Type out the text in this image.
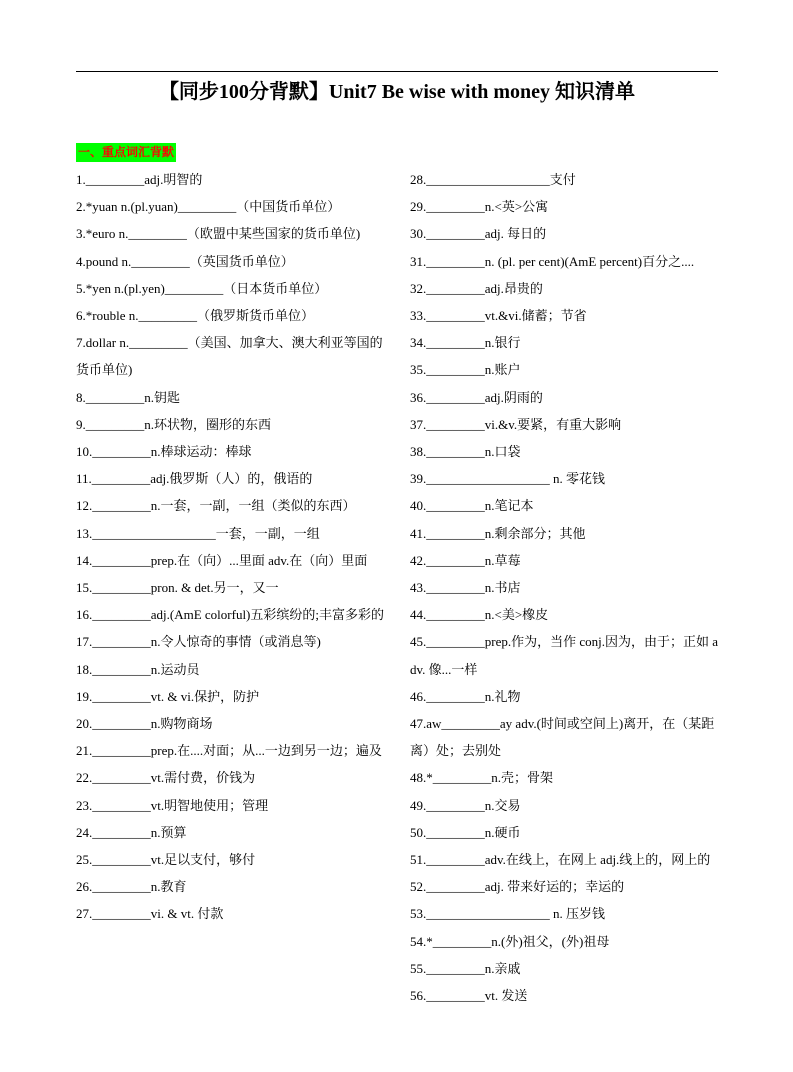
【同步100分背默】Unit7 Be wise with money 知识清单
一、重点词汇背默
1._________adj.明智的
2.*yuan n.(pl.yuan)_________（中国货币单位）
3.*euro n._________（欧盟中某些国家的货币单位)
4.pound n._________（英国货币单位）
5.*yen n.(pl.yen)_________（日本货币单位）
6.*rouble n._________（俄罗斯货币单位）
7.dollar n._________（美国、加拿大、澳大利亚等国的货币单位)
8._________n.钥匙
9._________n.环状物，圈形的东西
10._________n.棒球运动：棒球
11._________adj.俄罗斯（人）的，俄语的
12._________n.一套，一副，一组（类似的东西）
13.___________________一套，一副，一组
14._________prep.在（向）...里面 adv.在（向）里面
15._________pron. & det.另一，又一
16._________adj.(AmE colorful)五彩缤纷的;丰富多彩的
17._________n.令人惊奇的事情（或消息等)
18._________n.运动员
19._________vt. & vi.保护，防护
20._________n.购物商场
21._________prep.在....对面；从...一边到另一边；遍及
22._________vt.需付费，价钱为
23._________vt.明智地使用；管理
24._________n.预算
25._________vt.足以支付，够付
26._________n.教育
27._________vi. & vt. 付款
28.___________________支付
29._________n.<英>公寓
30._________adj. 每日的
31._________n. (pl. per cent)(AmE percent)百分之....
32._________adj.昂贵的
33._________vt.&vi.储蓄；节省
34._________n.银行
35._________n.账户
36._________adj.阴雨的
37._________vi.&v.要紧，有重大影响
38._________n.口袋
39.___________________ n. 零花钱
40._________n.笔记本
41._________n.剩余部分；其他
42._________n.草莓
43._________n.书店
44._________n.<美>橡皮
45._________prep.作为，当作 conj.因为，由于；正如 adv. 像...一样
46._________n.礼物
47.aw_________ay adv.(时间或空间上)离开，在（某距离）处；去别处
48.*_________n.壳；骨架
49._________n.交易
50._________n.硬币
51._________adv.在线上，在网上 adj.线上的，网上的
52._________adj. 带来好运的；幸运的
53.___________________ n. 压岁钱
54.*_________n.(外)祖父，(外)祖母
55._________n.亲戚
56._________vt. 发送
